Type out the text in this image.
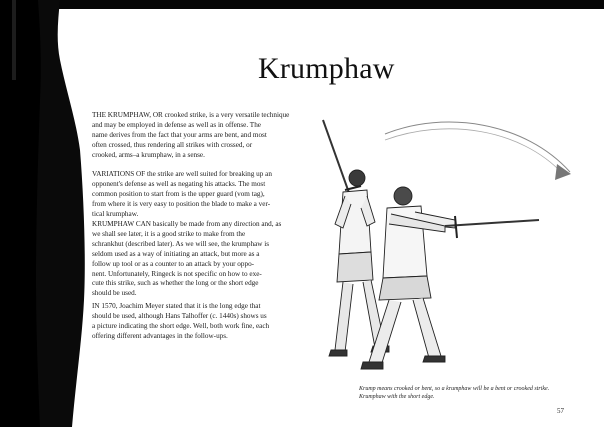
Krumphaw

THE KRUMPHAW, OR crooked strike, is a very versatile technique
and may be employed in defense as well as in offense. The
name derives from the fact that your arms are bent, and most
often crossed, thus rendering all strikes with crossed, or
crooked, arms–a krumphaw, in a sense.

VARIATIONS OF the strike are well suited for breaking up an
opponent's defense as well as negating his attacks. The most
common position to start from is the upper guard (vom tag),
from where it is very easy to position the blade to make a ver-
tical krumphaw.

KRUMPHAW CAN basically be made from any direction and, as
we shall see later, it is a good strike to make from the
schrankhut (described later). As we will see, the krumphaw is
seldom used as a way of initiating an attack, but more as a
follow up tool or as a counter to an attack by your oppo-
nent. Unfortunately, Ringeck is not specific on how to exe-
cute this strike, such as whether the long or the short edge
should be used.

IN 1570, Joachim Meyer stated that it is the long edge that
should be used, although Hans Talhoffer (c. 1440s) shows us
a picture indicating the short edge. Well, both work fine, each
offering different advantages in the follow-ups.

Krump means crooked or bent, so a krumphaw will be a bent or crooked strike.
Krumphaw with the short edge.
57
